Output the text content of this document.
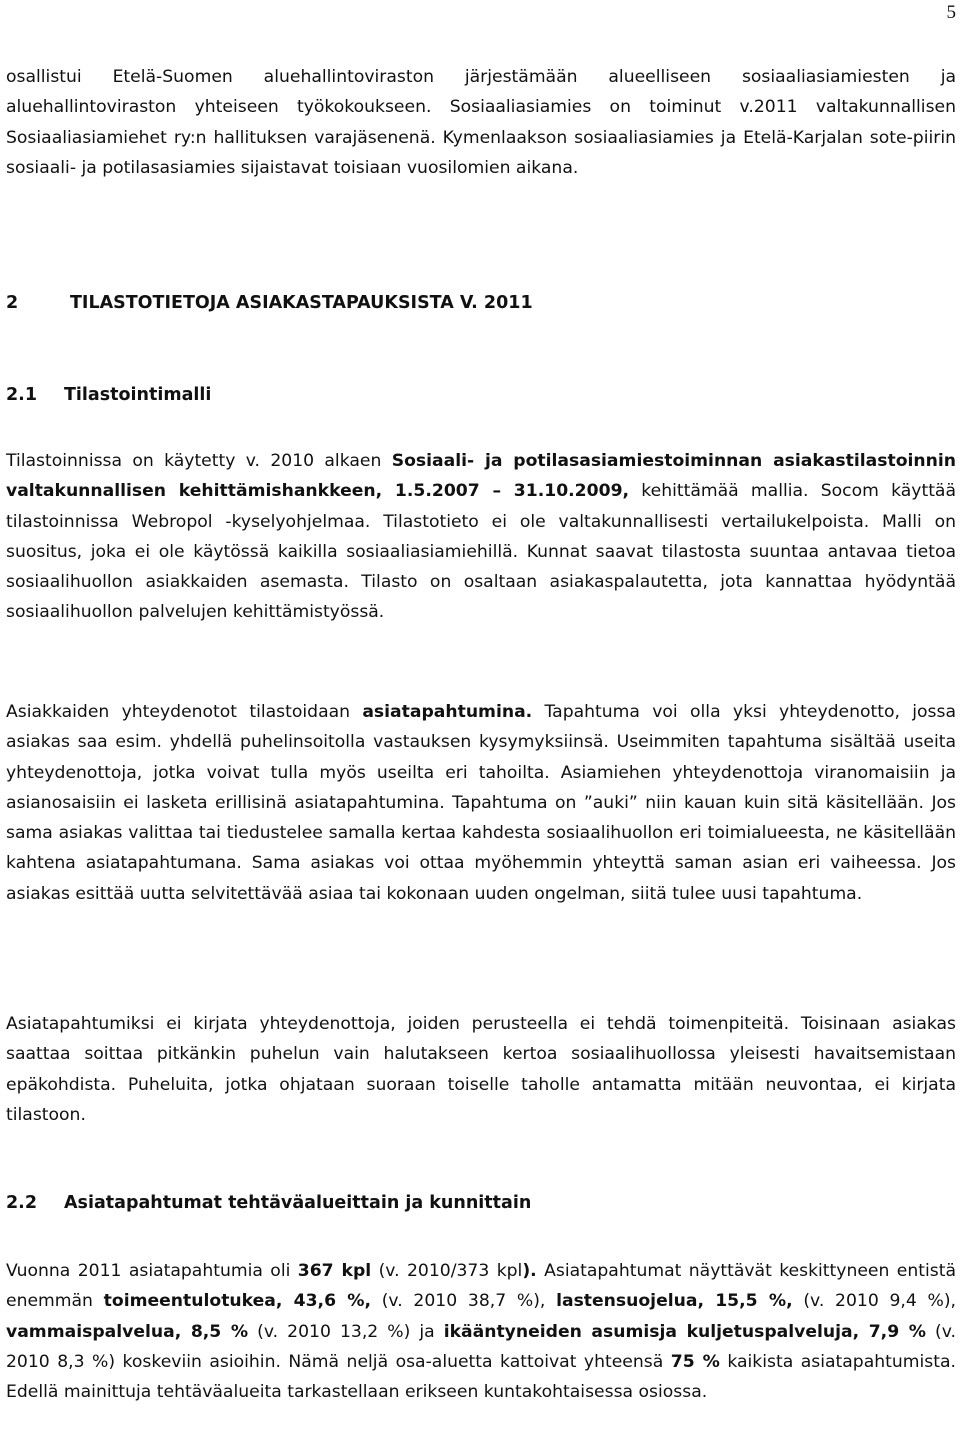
5

osallistui Etelä-Suomen aluehallintoviraston järjestämään alueelliseen sosiaaliasiamiesten ja aluehallintoviraston yhteiseen työkokoukseen. Sosiaaliasiamies on toiminut v.2011 valtakunnallisen Sosiaaliasiamiehet ry:n hallituksen varajäsenenä. Kymenlaakson sosiaaliasiamies ja Etelä-Karjalan sote-piirin sosiaali- ja potilasasiamies sijaistavat toisiaan vuosilomien aikana.

2	TILASTOTIETOJA ASIAKASTAPAUKSISTA V. 2011
2.1 Tilastointimalli

Tilastoinnissa on käytetty v. 2010 alkaen Sosiaali- ja potilasasiamiestoiminnan asiakastilastoinnin valtakunnallisen kehittämishankkeen, 1.5.2007 – 31.10.2009, kehittämää mallia. Socom käyttää tilastoinnissa Webropol -kyselyohjelmaa. Tilastotieto ei ole valtakunnallisesti vertailukelpoista. Malli on suositus, joka ei ole käytössä kaikilla sosiaaliasiamiehillä. Kunnat saavat tilastosta suuntaa antavaa tietoa sosiaalihuollon asiakkaiden asemasta. Tilasto on osaltaan asiakaspalautetta, jota kannattaa hyödyntää sosiaalihuollon palvelujen kehittämistyössä.

Asiakkaiden yhteydenotot tilastoidaan asiatapahtumina. Tapahtuma voi olla yksi yhteydenotto, jossa asiakas saa esim. yhdellä puhelinsoitolla vastauksen kysymyksiinsä. Useimmiten tapahtuma sisältää useita yhteydenottoja, jotka voivat tulla myös useilta eri tahoilta. Asiamiehen yhteydenottoja viranomaisiin ja asianosaisiin ei lasketa erillisinä asiatapahtumina. Tapahtuma on ”auki” niin kauan kuin sitä käsitellään. Jos sama asiakas valittaa tai tiedustelee samalla kertaa kahdesta sosiaalihuollon eri toimialueesta, ne käsitellään kahtena asiatapahtumana. Sama asiakas voi ottaa myöhemmin yhteyttä saman asian eri vaiheessa. Jos asiakas esittää uutta selvitettävää asiaa tai kokonaan uuden ongelman, siitä tulee uusi tapahtuma.

Asiatapahtumiksi ei kirjata yhteydenottoja, joiden perusteella ei tehdä toimenpiteitä. Toisinaan asiakas saattaa soittaa pitkänkin puhelun vain halutakseen kertoa sosiaalihuollossa yleisesti havaitsemistaan epäkohdista. Puheluita, jotka ohjataan suoraan toiselle taholle antamatta mitään neuvontaa, ei kirjata tilastoon.

2.2 Asiatapahtumat tehtäväalueittain ja kunnittain

Vuonna 2011 asiatapahtumia oli 367 kpl (v. 2010/373 kpl). Asiatapahtumat näyttävät keskittyneen entistä enemmän toimeentulotukea, 43,6 %, (v. 2010 38,7 %), lastensuojelua, 15,5 %, (v. 2010 9,4 %), vammaispalvelua, 8,5 % (v. 2010 13,2 %) ja ikääntyneiden asumisja kuljetuspalveluja, 7,9 % (v. 2010 8,3 %) koskeviin asioihin. Nämä neljä osa-aluetta kattoivat yhteensä 75 % kaikista asiatapahtumista. Edellä mainittuja tehtäväalueita tarkastellaan erikseen kuntakohtaisessa osiossa.
